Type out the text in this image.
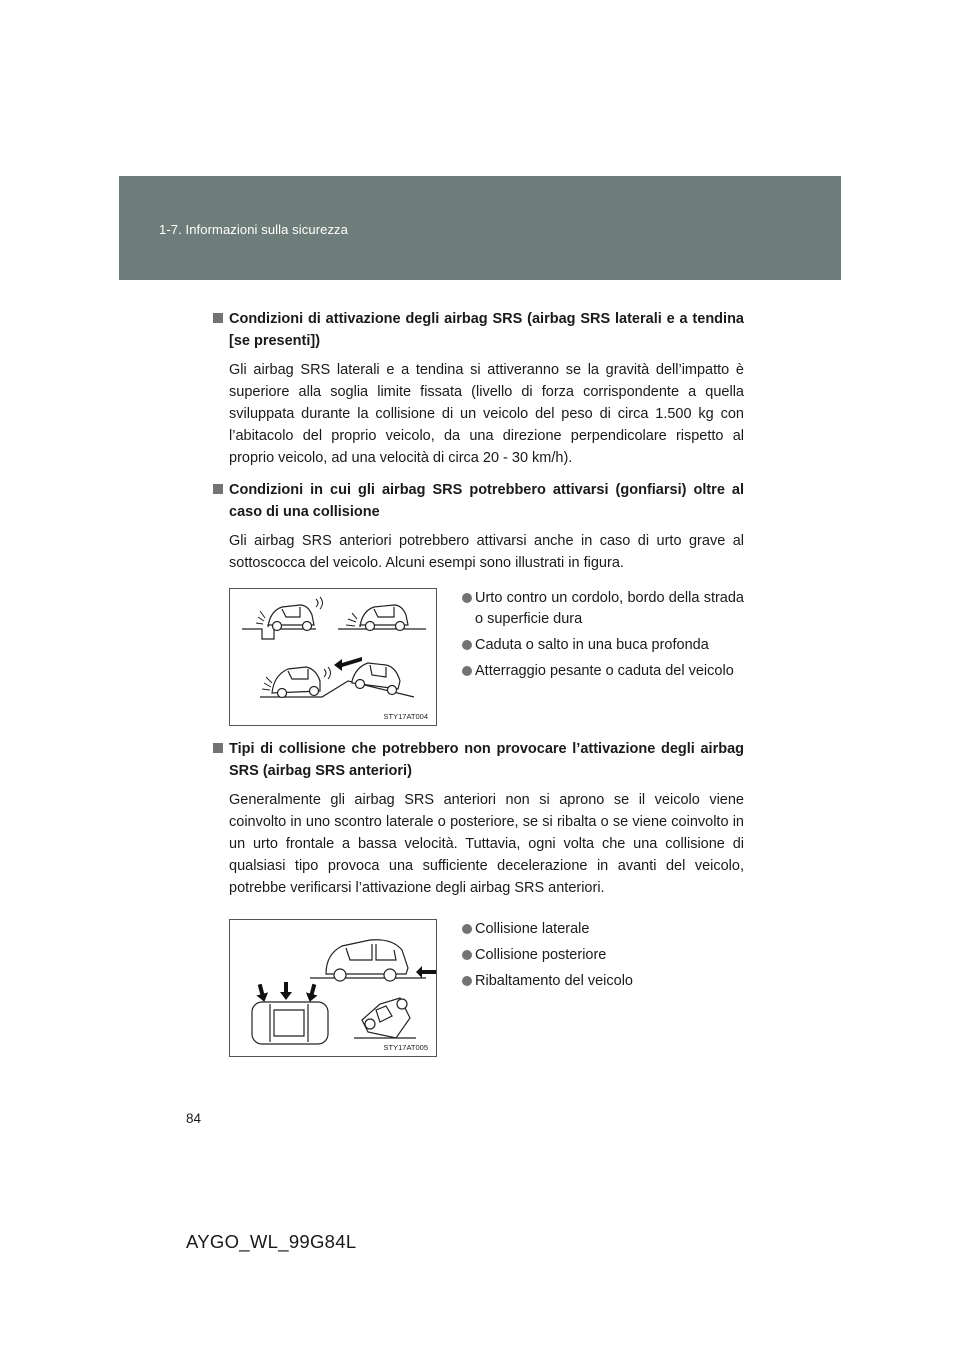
1-7. Informazioni sulla sicurezza
Condizioni di attivazione degli airbag SRS (airbag SRS laterali e a tendina [se presenti])

Gli airbag SRS laterali e a tendina si attiveranno se la gravità dell’impatto è superiore alla soglia limite fissata (livello di forza corrispondente a quella sviluppata durante la collisione di un veicolo del peso di circa 1.500 kg con l’abitacolo del proprio veicolo, da una direzione perpendicolare rispetto al proprio veicolo, ad una velocità di circa 20 - 30 km/h).

Condizioni in cui gli airbag SRS potrebbero attivarsi (gonfiarsi) oltre al caso di una collisione

Gli airbag SRS anteriori potrebbero attivarsi anche in caso di urto grave al sottoscocca del veicolo. Alcuni esempi sono illustrati in figura.

STY17AT004
Urto contro un cordolo, bordo della strada o superficie dura
Caduta o salto in una buca profonda
Atterraggio pesante o caduta del veicolo
Tipi di collisione che potrebbero non provocare l’attivazione degli airbag SRS (airbag SRS anteriori)

Generalmente gli airbag SRS anteriori non si aprono se il veicolo viene coinvolto in uno scontro laterale o posteriore, se si ribalta o se viene coinvolto in un urto frontale a bassa velocità. Tuttavia, ogni volta che una collisione di qualsiasi tipo provoca una sufficiente decelerazione in avanti del veicolo, potrebbe verificarsi l’attivazione degli airbag SRS anteriori.

STY17AT005
Collisione laterale
Collisione posteriore
Ribaltamento del veicolo
84
AYGO_WL_99G84L
